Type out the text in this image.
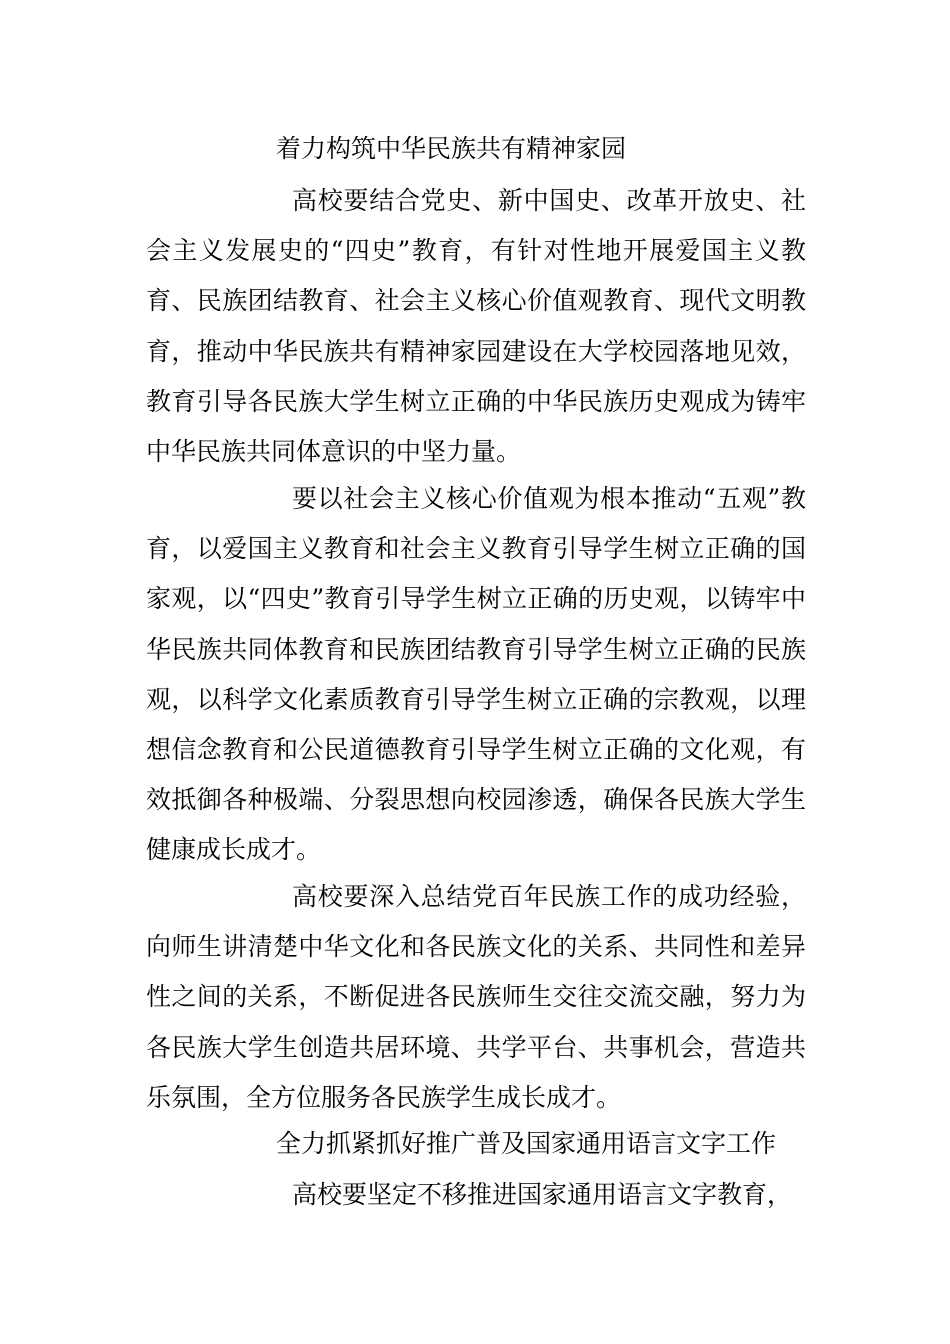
着力构筑中华民族共有精神家园

高校要结合党史、新中国史、改革开放史、社会主义发展史的“四史”教育，有针对性地开展爱国主义教育、民族团结教育、社会主义核心价值观教育、现代文明教育，推动中华民族共有精神家园建设在大学校园落地见效，教育引导各民族大学生树立正确的中华民族历史观成为铸牢中华民族共同体意识的中坚力量。

要以社会主义核心价值观为根本推动“五观”教育，以爱国主义教育和社会主义教育引导学生树立正确的国家观，以“四史”教育引导学生树立正确的历史观，以铸牢中华民族共同体教育和民族团结教育引导学生树立正确的民族观，以科学文化素质教育引导学生树立正确的宗教观，以理想信念教育和公民道德教育引导学生树立正确的文化观，有效抵御各种极端、分裂思想向校园渗透，确保各民族大学生健康成长成才。

高校要深入总结党百年民族工作的成功经验，向师生讲清楚中华文化和各民族文化的关系、共同性和差异性之间的关系，不断促进各民族师生交往交流交融，努力为各民族大学生创造共居环境、共学平台、共事机会，营造共乐氛围，全方位服务各民族学生成长成才。

全力抓紧抓好推广普及国家通用语言文字工作

高校要坚定不移推进国家通用语言文字教育，
